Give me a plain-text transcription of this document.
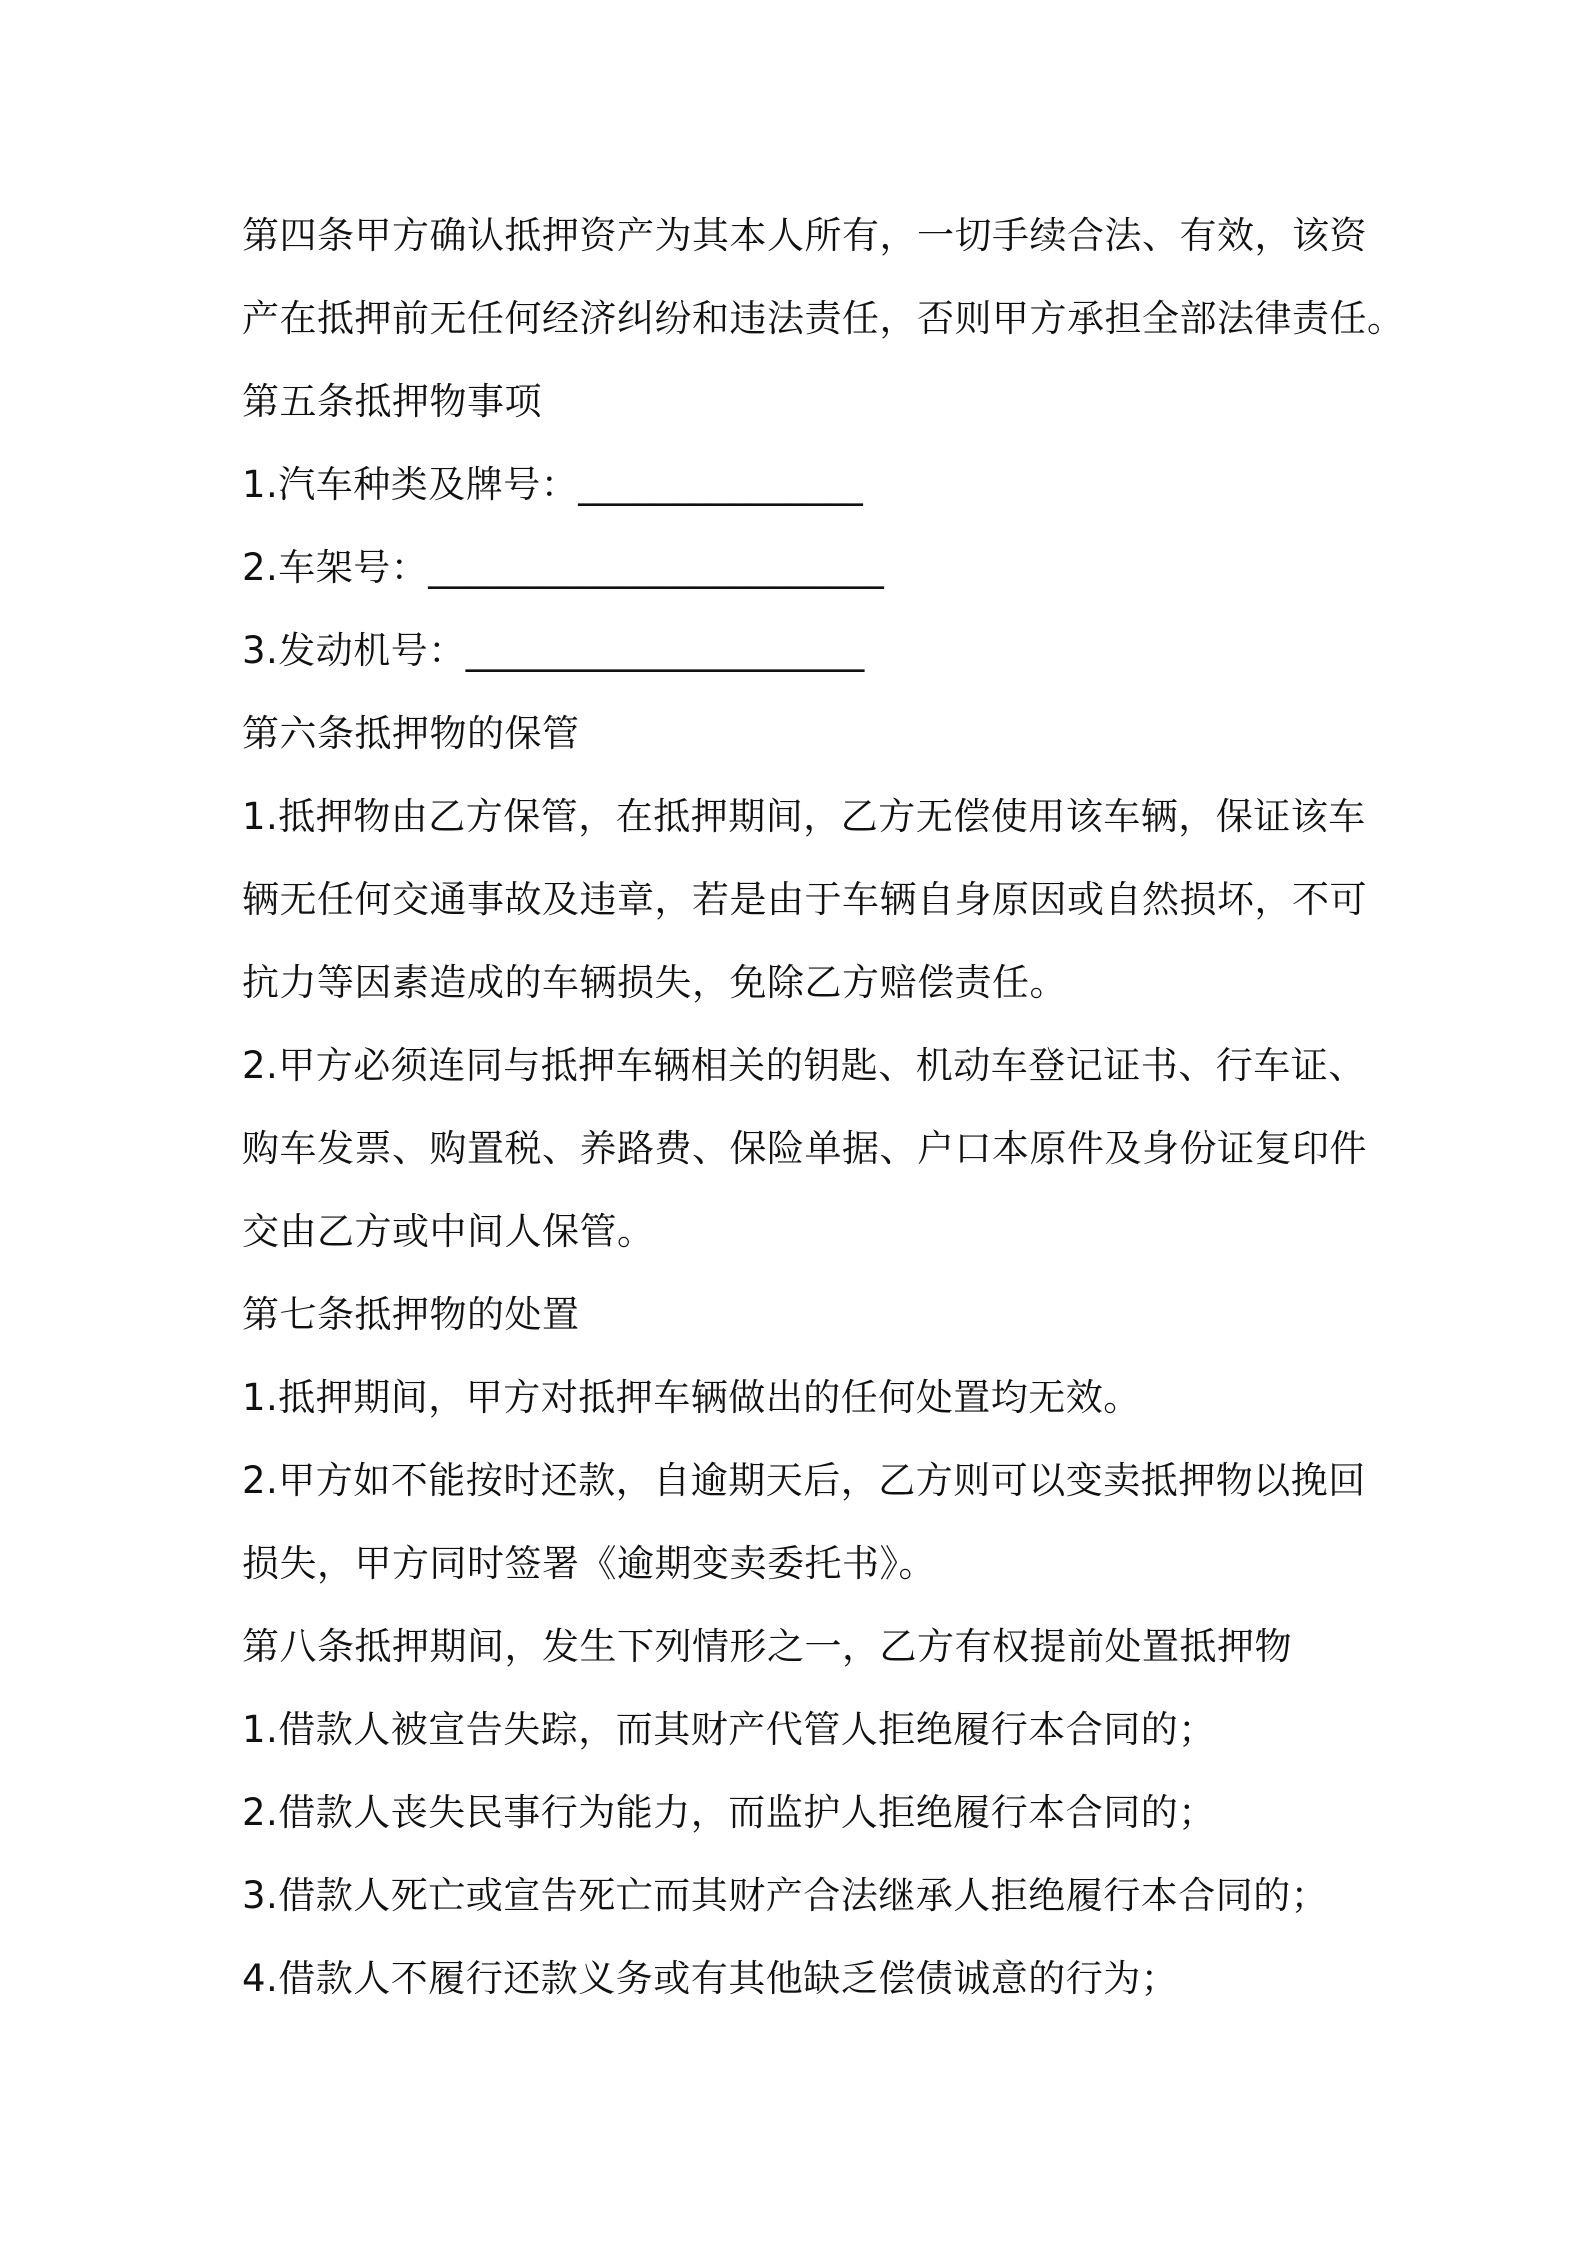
第四条甲方确认抵押资产为其本人所有，一切手续合法、有效，该资
产在抵押前无任何经济纠纷和违法责任，否则甲方承担全部法律责任。
第五条抵押物事项
1.汽车种类及牌号：_______________
2.车架号：________________________
3.发动机号：_____________________
第六条抵押物的保管
1.抵押物由乙方保管，在抵押期间，乙方无偿使用该车辆，保证该车
辆无任何交通事故及违章，若是由于车辆自身原因或自然损坏，不可
抗力等因素造成的车辆损失，免除乙方赔偿责任。
2.甲方必须连同与抵押车辆相关的钥匙、机动车登记证书、行车证、
购车发票、购置税、养路费、保险单据、户口本原件及身份证复印件
交由乙方或中间人保管。
第七条抵押物的处置
1.抵押期间，甲方对抵押车辆做出的任何处置均无效。
2.甲方如不能按时还款，自逾期天后，乙方则可以变卖抵押物以挽回
损失，甲方同时签署《逾期变卖委托书》。
第八条抵押期间，发生下列情形之一，乙方有权提前处置抵押物
1.借款人被宣告失踪，而其财产代管人拒绝履行本合同的；
2.借款人丧失民事行为能力，而监护人拒绝履行本合同的；
3.借款人死亡或宣告死亡而其财产合法继承人拒绝履行本合同的；
4.借款人不履行还款义务或有其他缺乏偿债诚意的行为；
